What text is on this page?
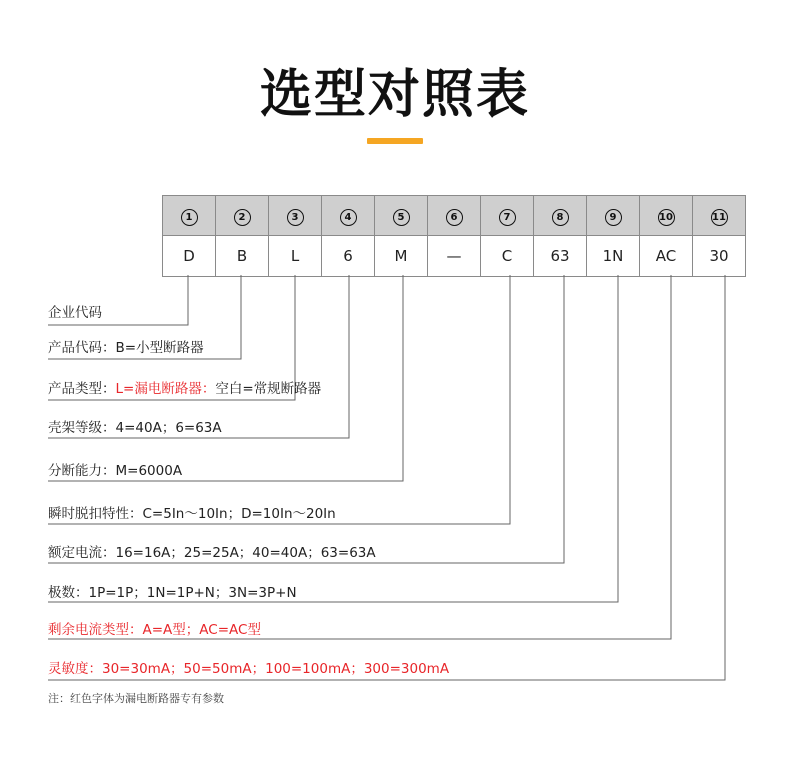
选型对照表
1	2	3	4	5	6	7	8	9	10	11
D	B	L	6	M	—	C	63	1N	AC	30
企业代码
产品代码：B=小型断路器
产品类型：L=漏电断路器：空白=常规断路器
壳架等级：4=40A；6=63A
分断能力：M=6000A
瞬时脱扣特性：C=5In～10In；D=10In～20In
额定电流：16=16A；25=25A；40=40A；63=63A
极数：1P=1P；1N=1P+N；3N=3P+N
剩余电流类型：A=A型；AC=AC型
灵敏度：30=30mA；50=50mA；100=100mA；300=300mA
注：红色字体为漏电断路器专有参数
